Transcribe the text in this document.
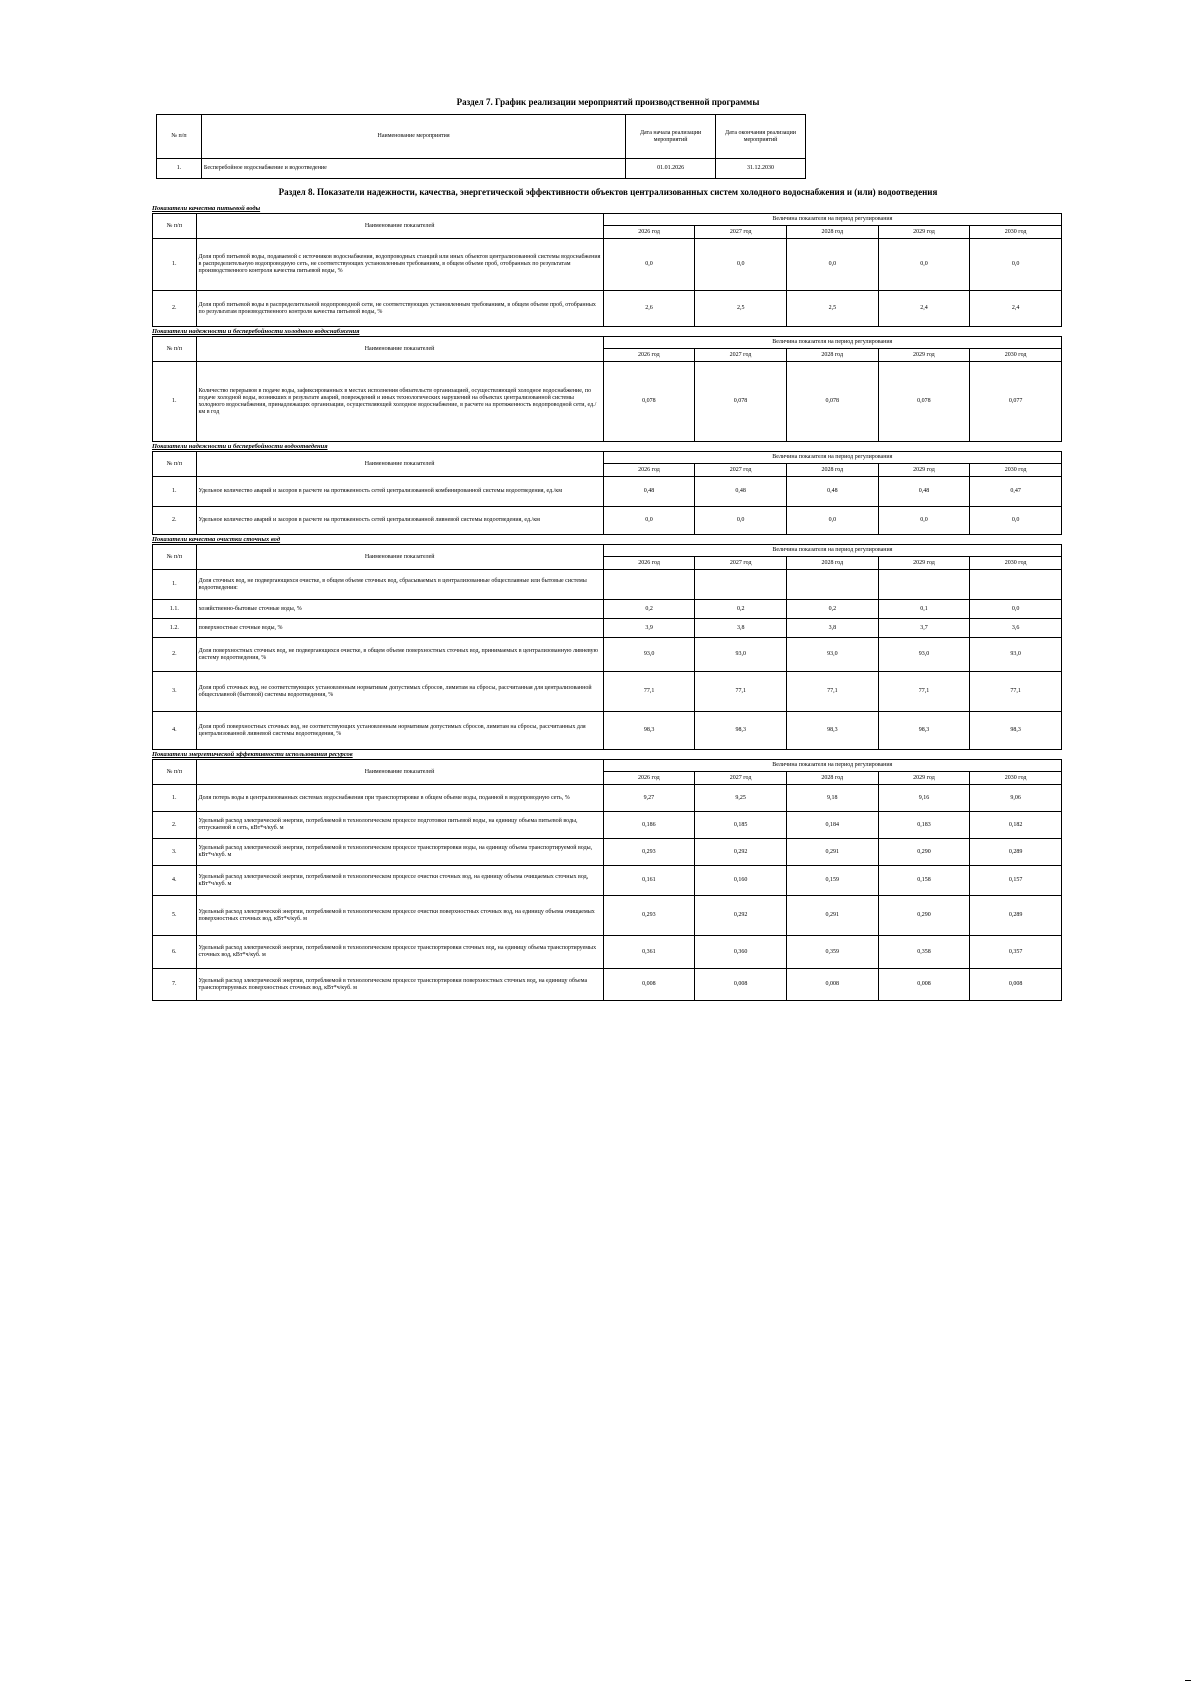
Раздел 7. График реализации мероприятий производственной программы

№ п/п	Наименование мероприятия	Дата начала реализации мероприятий	Дата окончания реализации мероприятий
1.	Бесперебойное водоснабжение и водоотведение	01.01.2026	31.12.2030

Раздел 8. Показатели надежности, качества, энергетической эффективности объектов централизованных систем холодного водоснабжения и (или) водоотведения

Показатели качества питьевой воды

№ п/п	Наименование показателей	Величина показателя на период регулирования				
		2026 год	2027 год	2028 год	2029 год	2030 год
1.	Доля проб питьевой воды, подаваемой с источников водоснабжения, водопроводных станций или иных объектов централизованной системы водоснабжения в распределительную водопроводную сеть, не соответствующих установленным требованиям, в общем объеме проб, отобранных по результатам производственного контроля качества питьевой воды, %	0,0	0,0	0,0	0,0	0,0
2.	Доля проб питьевой воды в распределительной водопроводной сети, не соответствующих установленным требованиям, в общем объеме проб, отобранных по результатам производственного контроля качества питьевой воды, %	2,6	2,5	2,5	2,4	2,4

Показатели надежности и бесперебойности холодного водоснабжения

№ п/п	Наименование показателей	Величина показателя на период регулирования				
		2026 год	2027 год	2028 год	2029 год	2030 год
1.	Количество перерывов в подаче воды, зафиксированных в местах исполнения обязательств организацией, осуществляющей холодное водоснабжение, по подаче холодной воды, возникших в результате аварий, повреждений и иных технологических нарушений на объектах централизованной системы холодного водоснабжения, принадлежащих организации, осуществляющей холодное водоснабжение, в расчете на протяженность водопроводной сети, ед./км в год	0,078	0,078	0,078	0,078	0,077

Показатели надежности и бесперебойности водоотведения

№ п/п	Наименование показателей	Величина показателя на период регулирования				
		2026 год	2027 год	2028 год	2029 год	2030 год
1.	Удельное количество аварий и засоров в расчете на протяженность сетей централизованной комбинированной системы водоотведения, ед./км	0,48	0,48	0,48	0,48	0,47
2.	Удельное количество аварий и засоров в расчете на протяженность сетей централизованной ливневой системы водоотведения, ед./км	0,0	0,0	0,0	0,0	0,0

Показатели качества очистки сточных вод

№ п/п	Наименование показателей	Величина показателя на период регулирования				
		2026 год	2027 год	2028 год	2029 год	2030 год
1.	Доля сточных вод, не подвергающихся очистке, в общем объеме сточных вод, сбрасываемых в централизованные общесплавные или бытовые системы водоотведения:					
1.1.	хозяйственно-бытовые сточные воды, %	0,2	0,2	0,2	0,1	0,0
1.2.	поверхностные сточные воды, %	3,9	3,8	3,8	3,7	3,6
2.	Доля поверхностных сточных вод, не подвергающихся очистке, в общем объеме поверхностных сточных вод, принимаемых в централизованную ливневую систему водоотведения, %	93,0	93,0	93,0	93,0	93,0
3.	Доля проб сточных вод, не соответствующих установленным нормативам допустимых сбросов, лимитам на сбросы, рассчитанная для централизованной общесплавной (бытовой) системы водоотведения, %	77,1	77,1	77,1	77,1	77,1
4.	Доля проб поверхностных сточных вод, не соответствующих установленным нормативам допустимых сбросов, лимитам на сбросы, рассчитанных для централизованной ливневой системы водоотведения, %	98,3	98,3	98,3	98,3	98,3

Показатели энергетической эффективности использования ресурсов

№ п/п	Наименование показателей	Величина показателя на период регулирования				
		2026 год	2027 год	2028 год	2029 год	2030 год
1.	Доля потерь воды в централизованных системах водоснабжения при транспортировке в общем объеме воды, поданной в водопроводную сеть, %	9,27	9,25	9,18	9,16	9,06
2.	Удельный расход электрической энергии, потребляемой в технологическом процессе подготовки питьевой воды, на единицу объема питьевой воды, отпускаемой в сеть, кВт*ч/куб. м	0,186	0,185	0,184	0,183	0,182
3.	Удельный расход электрической энергии, потребляемой в технологическом процессе транспортировки воды, на единицу объема транспортируемой воды, кВт*ч/куб. м	0,293	0,292	0,291	0,290	0,289
4.	Удельный расход электрической энергии, потребляемой в технологическом процессе очистки сточных вод, на единицу объема очищаемых сточных вод, кВт*ч/куб. м	0,161	0,160	0,159	0,158	0,157
5.	Удельный расход электрической энергии, потребляемой в технологическом процессе очистки поверхностных сточных вод, на единицу объема очищаемых поверхностных сточных вод, кВт*ч/куб. м	0,293	0,292	0,291	0,290	0,289
6.	Удельный расход электрической энергии, потребляемой в технологическом процессе транспортировки сточных вод, на единицу объема транспортируемых сточных вод, кВт*ч/куб. м	0,361	0,360	0,359	0,358	0,357
7.	Удельный расход электрической энергии, потребляемой в технологическом процессе транспортировки поверхностных сточных вод, на единицу объема транспортируемых поверхностных сточных вод, кВт*ч/куб. м	0,008	0,008	0,008	0,008	0,008
